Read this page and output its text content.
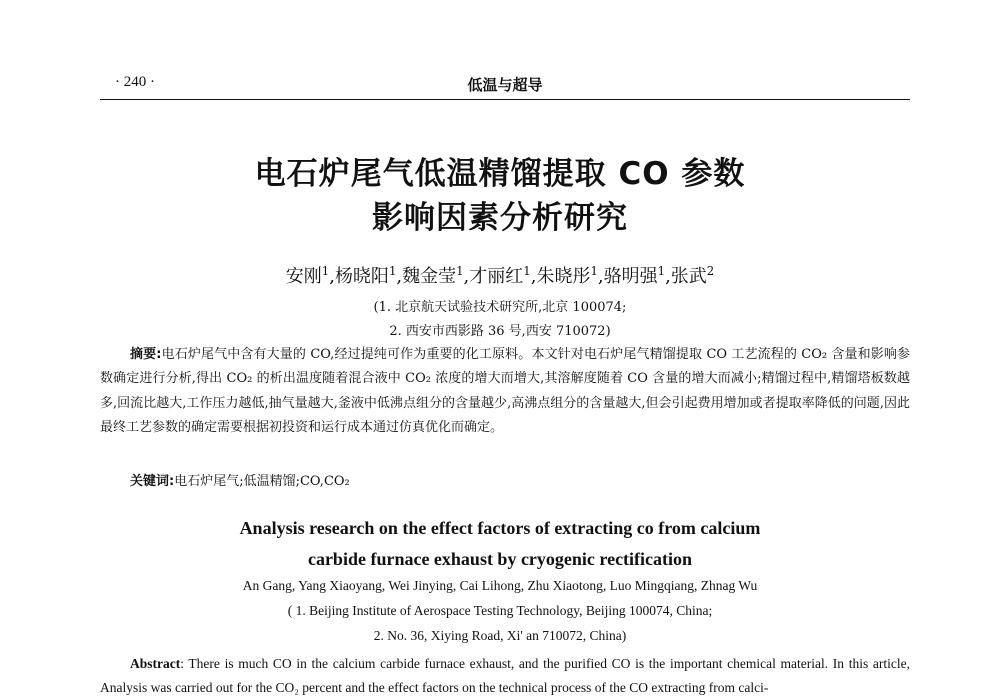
· 240 ·	低温与超导
电石炉尾气低温精馏提取 CO 参数
影响因素分析研究
安刚$^1$,杨晓阳$^1$,魏金莹$^1$,才丽红$^1$,朱晓彤$^1$,骆明强$^1$,张武$^2$
(1. 北京航天试验技术研究所,北京 100074;
2. 西安市西影路 36 号,西安 710072)
摘要:电石炉尾气中含有大量的 CO,经过提纯可作为重要的化工原料。本文针对电石炉尾气精馏提取 CO 工艺流程的 CO₂ 含量和影响参数确定进行分析,得出 CO₂ 的析出温度随着混合液中 CO₂ 浓度的增大而增大,其溶解度随着 CO 含量的增大而减小;精馏过程中,精馏塔板数越多,回流比越大,工作压力越低,抽气量越大,釜液中低沸点组分的含量越少,高沸点组分的含量越大,但会引起费用增加或者提取率降低的问题,因此最终工艺参数的确定需要根据初投资和运行成本通过仿真优化而确定。
关键词:电石炉尾气;低温精馏;CO,CO₂
Analysis research on the effect factors of extracting co from calcium
carbide furnace exhaust by cryogenic rectification
An Gang, Yang Xiaoyang, Wei Jinying, Cai Lihong, Zhu Xiaotong, Luo Mingqiang, Zhnag Wu
( 1. Beijing Institute of Aerospace Testing Technology, Beijing 100074, China;
2. No. 36, Xiying Road, Xi' an 710072, China)
Abstract: There is much CO in the calcium carbide furnace exhaust, and the purified CO is the important chemical material. In this article, Analysis was carried out for the CO₂ percent and the effect factors on the technical process of the CO extracting from calci-
